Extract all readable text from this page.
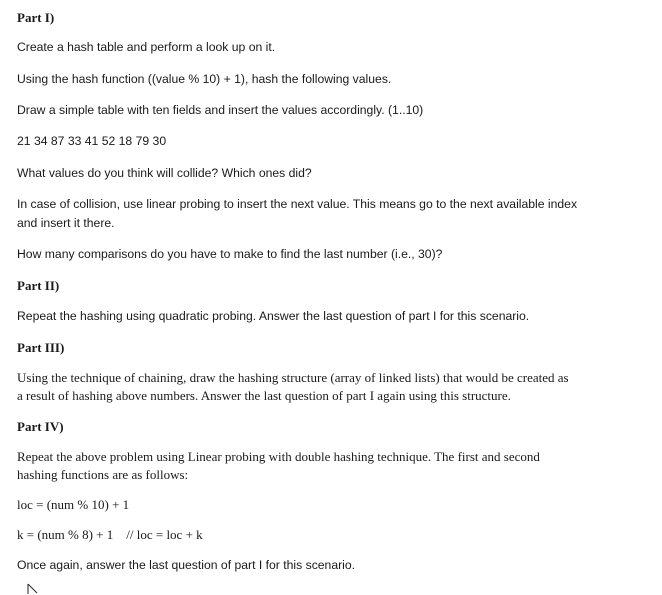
Part I)
Create a hash table and perform a look up on it.
Using the hash function ((value % 10) + 1), hash the following values.
Draw a simple table with ten fields and insert the values accordingly. (1..10)
21 34 87 33 41 52 18 79 30
What values do you think will collide? Which ones did?
In case of collision, use linear probing to insert the next value. This means go to the next available index
and insert it there.
How many comparisons do you have to make to find the last number (i.e., 30)?
Part II)
Repeat the hashing using quadratic probing. Answer the last question of part I for this scenario.
Part III)
Using the technique of chaining, draw the hashing structure (array of linked lists) that would be created as
a result of hashing above numbers. Answer the last question of part I again using this structure.
Part IV)
Repeat the above problem using Linear probing with double hashing technique. The first and second
hashing functions are as follows:
loc = (num % 10) + 1
k = (num % 8) + 1    // loc = loc + k
Once again, answer the last question of part I for this scenario.
